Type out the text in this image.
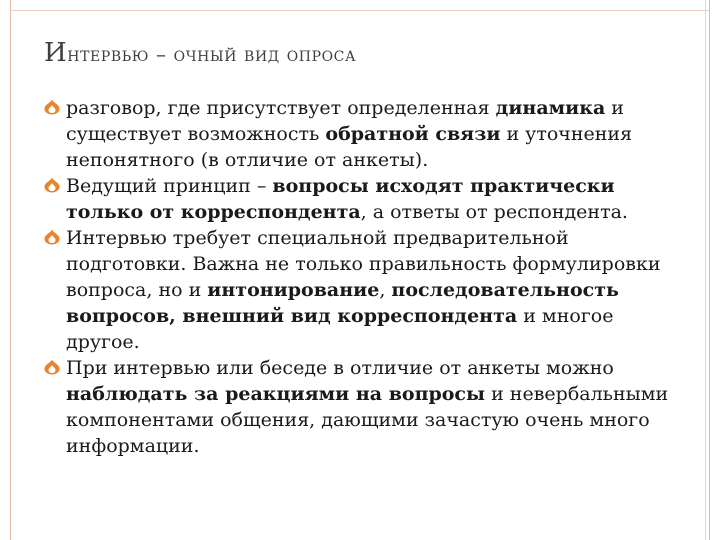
Интервью – очный вид опроса

разговор, где присутствует определенная динамика и существует возможность обратной связи и уточнения непонятного (в отличие от анкеты).

Ведущий принцип – вопросы исходят практически только от корреспондента, а ответы от респондента.

Интервью требует специальной предварительной подготовки. Важна не только правильность формулировки вопроса, но и интонирование, последовательность вопросов, внешний вид корреспондента и многое другое.

При интервью или беседе в отличие от анкеты можно наблюдать за реакциями на вопросы и невербальными компонентами общения, дающими зачастую очень много информации.
